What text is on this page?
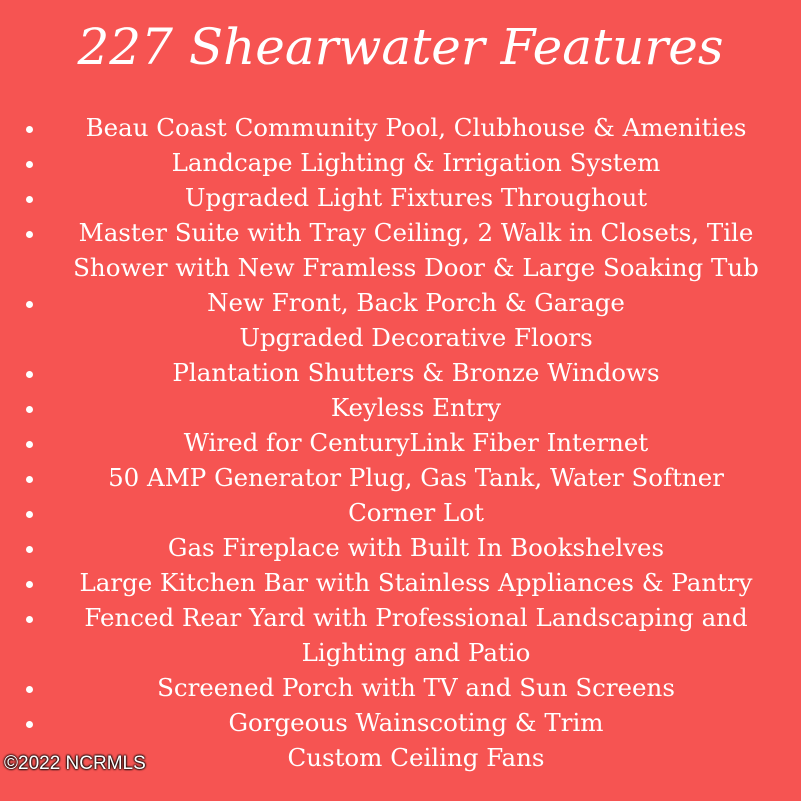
227 Shearwater Features
Beau Coast Community Pool, Clubhouse & Amenities
Landcape Lighting & Irrigation System
Upgraded Light Fixtures Throughout
Master Suite with Tray Ceiling, 2 Walk in Closets, Tile
Shower with New Framless Door & Large Soaking Tub
New Front, Back Porch & Garage
Upgraded Decorative Floors
Plantation Shutters & Bronze Windows
Keyless Entry
Wired for CenturyLink Fiber Internet
50 AMP Generator Plug, Gas Tank, Water Softner
Corner Lot
Gas Fireplace with Built In Bookshelves
Large Kitchen Bar with Stainless Appliances & Pantry
Fenced Rear Yard with Professional Landscaping and
Lighting and Patio
Screened Porch with TV and Sun Screens
Gorgeous Wainscoting & Trim
Custom Ceiling Fans
©2022 NCRMLS
